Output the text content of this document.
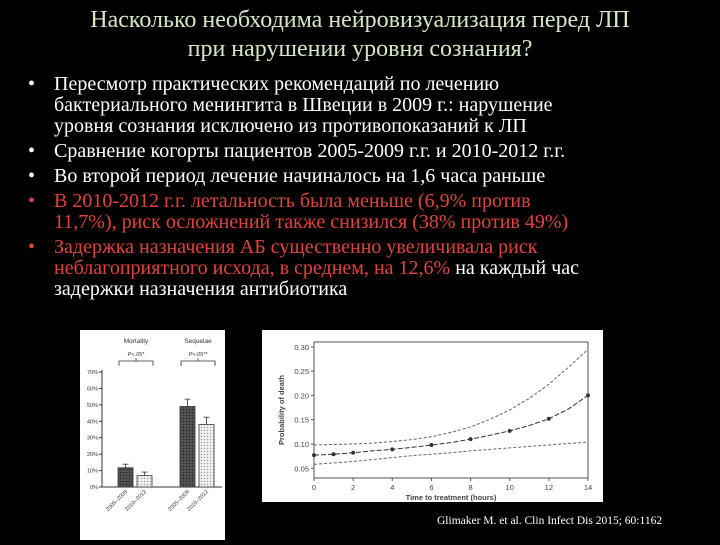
Насколько необходима нейровизуализация перед ЛП
при нарушении уровня сознания?
• Пересмотр практических рекомендаций по лечению
бактериального менингита в Швеции в 2009 г.: нарушение
уровня сознания исключено из противопоказаний к ЛП
• Сравнение когорты пациентов 2005-2009 г.г. и 2010-2012 г.г.
• Во второй период лечение начиналось на 1,6 часа раньше
• В 2010-2012 г.г. летальность была меньше (6,9% против
11,7%), риск осложнений также снизился (38% против 49%)
• Задержка назначения АБ существенно увеличивала риск
неблагоприятного исхода, в среднем, на 12,6% на каждый час
задержки назначения антибиотика
0%
10%
20%
30%
40%
50%
60%
70%
Mortality
P<.05*
2005–2009
2010–2012
Sequelae
P<.05**
2005–2009
2010–2012
0.05
0.10
0.15
0.20
0.25
0.30
0	2	4	6	8	10	12	14
Time to treatment (hours)
Probability of death
Glimaker M. et al. Clin Infect Dis 2015; 60:1162
